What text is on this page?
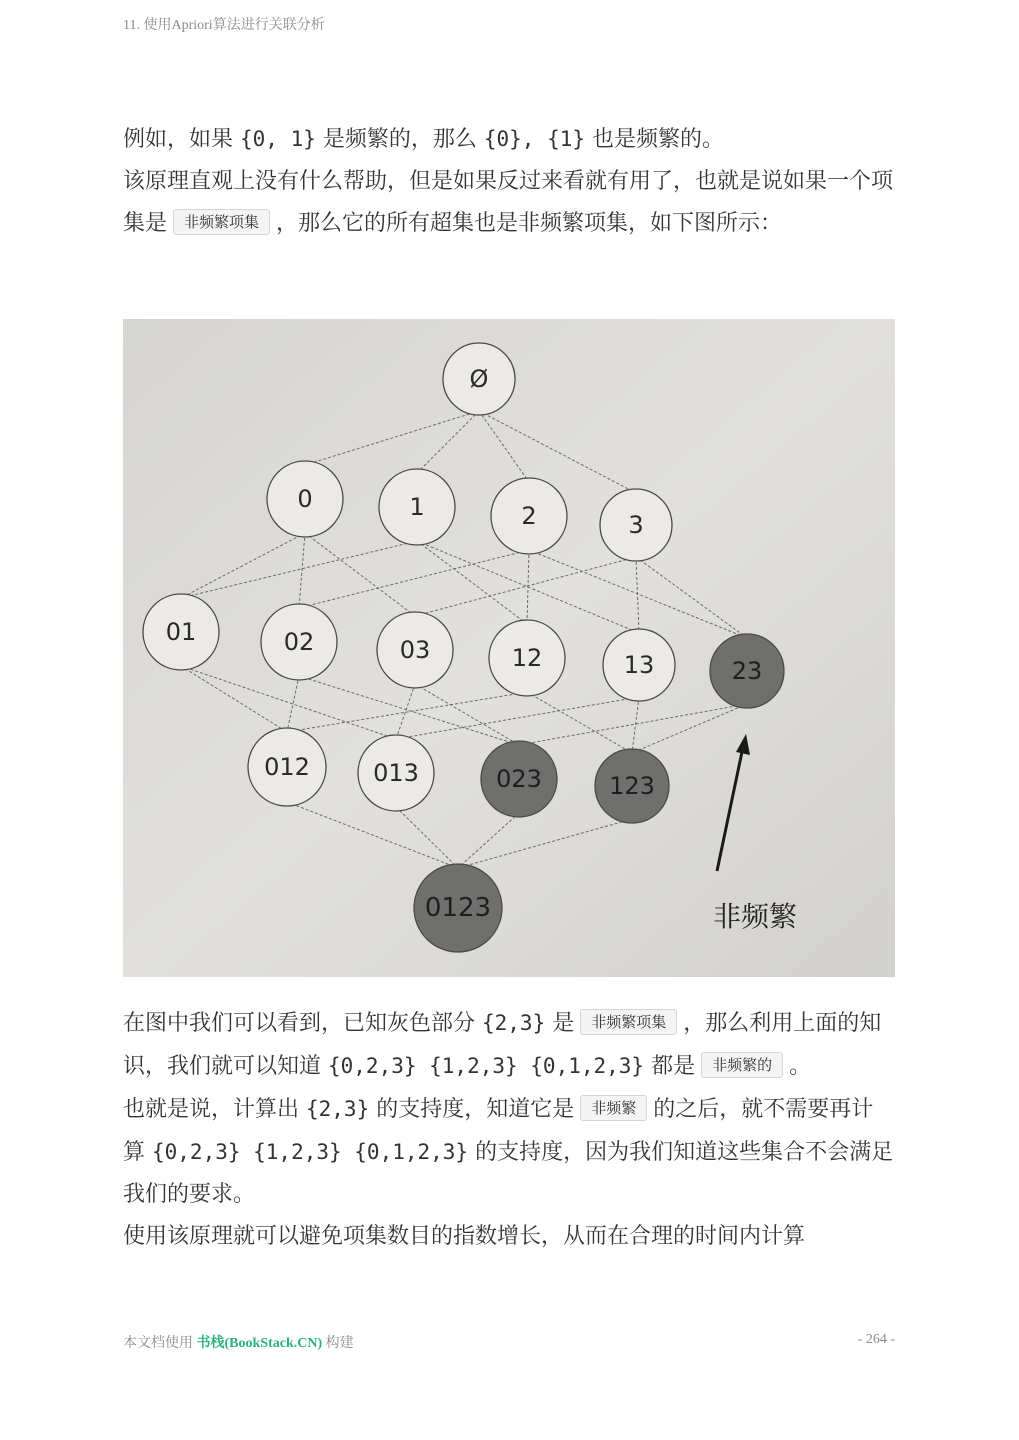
11. 使用Apriori算法进行关联分析

例如，如果 {0, 1} 是频繁的，那么 {0}, {1} 也是频繁的。

该原理直观上没有什么帮助，但是如果反过来看就有用了，也就是说如果一个项集是 非频繁项集 ，那么它的所有超集也是非频繁项集，如下图所示：

Ø
0	1	2	3
01	02	03	12	13	23
012	013	023	123
0123	非频繁

在图中我们可以看到，已知灰色部分 {2,3} 是 非频繁项集 ，那么利用上面的知识，我们就可以知道 {0,2,3} {1,2,3} {0,1,2,3} 都是 非频繁的 。

也就是说，计算出 {2,3} 的支持度，知道它是 非频繁 的之后，就不需要再计算 {0,2,3} {1,2,3} {0,1,2,3} 的支持度，因为我们知道这些集合不会满足我们的要求。

使用该原理就可以避免项集数目的指数增长，从而在合理的时间内计算

本文档使用 书栈(BookStack.CN) 构建	- 264 -
